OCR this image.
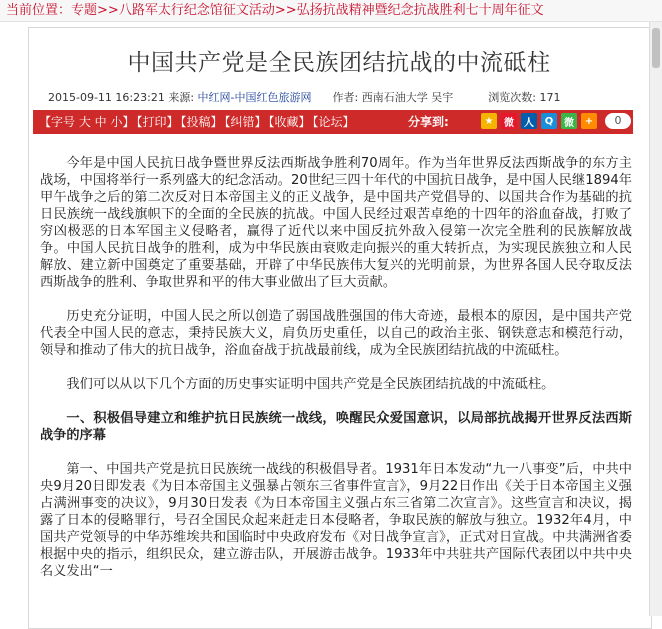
当前位置：专题>>八路军太行纪念馆征文活动>>弘扬抗战精神暨纪念抗战胜利七十周年征文
中国共产党是全民族团结抗战的中流砥柱
2015-09-11 16:23:21 来源: 中红网-中国红色旅游网 作者: 西南石油大学 吴宇	浏览次数: 171
【字号 大 中 小】 【打印】 【投稿】 【纠错】 【收藏】 【论坛】	分享到:	★	微	人	Q	微	+	0

今年是中国人民抗日战争暨世界反法西斯战争胜利70周年。作为当年世界反法西斯战争的东方主战场，中国将举行一系列盛大的纪念活动。20世纪三四十年代的中国抗日战争，是中国人民继1894年甲午战争之后的第二次反对日本帝国主义的正义战争，是中国共产党倡导的、以国共合作为基础的抗日民族统一战线旗帜下的全面的全民族的抗战。中国人民经过艰苦卓绝的十四年的浴血奋战，打败了穷凶极恶的日本军国主义侵略者，赢得了近代以来中国反抗外敌入侵第一次完全胜利的民族解放战争。中国人民抗日战争的胜利，成为中华民族由衰败走向振兴的重大转折点，为实现民族独立和人民解放、建立新中国奠定了重要基础，开辟了中华民族伟大复兴的光明前景，为世界各国人民夺取反法西斯战争的胜利、争取世界和平的伟大事业做出了巨大贡献。

历史充分证明，中国人民之所以创造了弱国战胜强国的伟大奇迹，最根本的原因，是中国共产党代表全中国人民的意志，秉持民族大义，肩负历史重任，以自己的政治主张、钢铁意志和模范行动，领导和推动了伟大的抗日战争，浴血奋战于抗战最前线，成为全民族团结抗战的中流砥柱。

我们可以从以下几个方面的历史事实证明中国共产党是全民族团结抗战的中流砥柱。

一、积极倡导建立和维护抗日民族统一战线，唤醒民众爱国意识，以局部抗战揭开世界反法西斯战争的序幕

第一、中国共产党是抗日民族统一战线的积极倡导者。1931年日本发动“九一八事变”后，中共中央9月20日即发表《为日本帝国主义强暴占领东三省事件宣言》，9月22日作出《关于日本帝国主义强占满洲事变的决议》，9月30日发表《为日本帝国主义强占东三省第二次宣言》。这些宣言和决议，揭露了日本的侵略罪行，号召全国民众起来赶走日本侵略者，争取民族的解放与独立。1932年4月，中国共产党领导的中华苏维埃共和国临时中央政府发布《对日战争宣言》，正式对日宣战。中共满洲省委根据中央的指示，组织民众，建立游击队，开展游击战争。1933年中共驻共产国际代表团以中共中央名义发出“一
